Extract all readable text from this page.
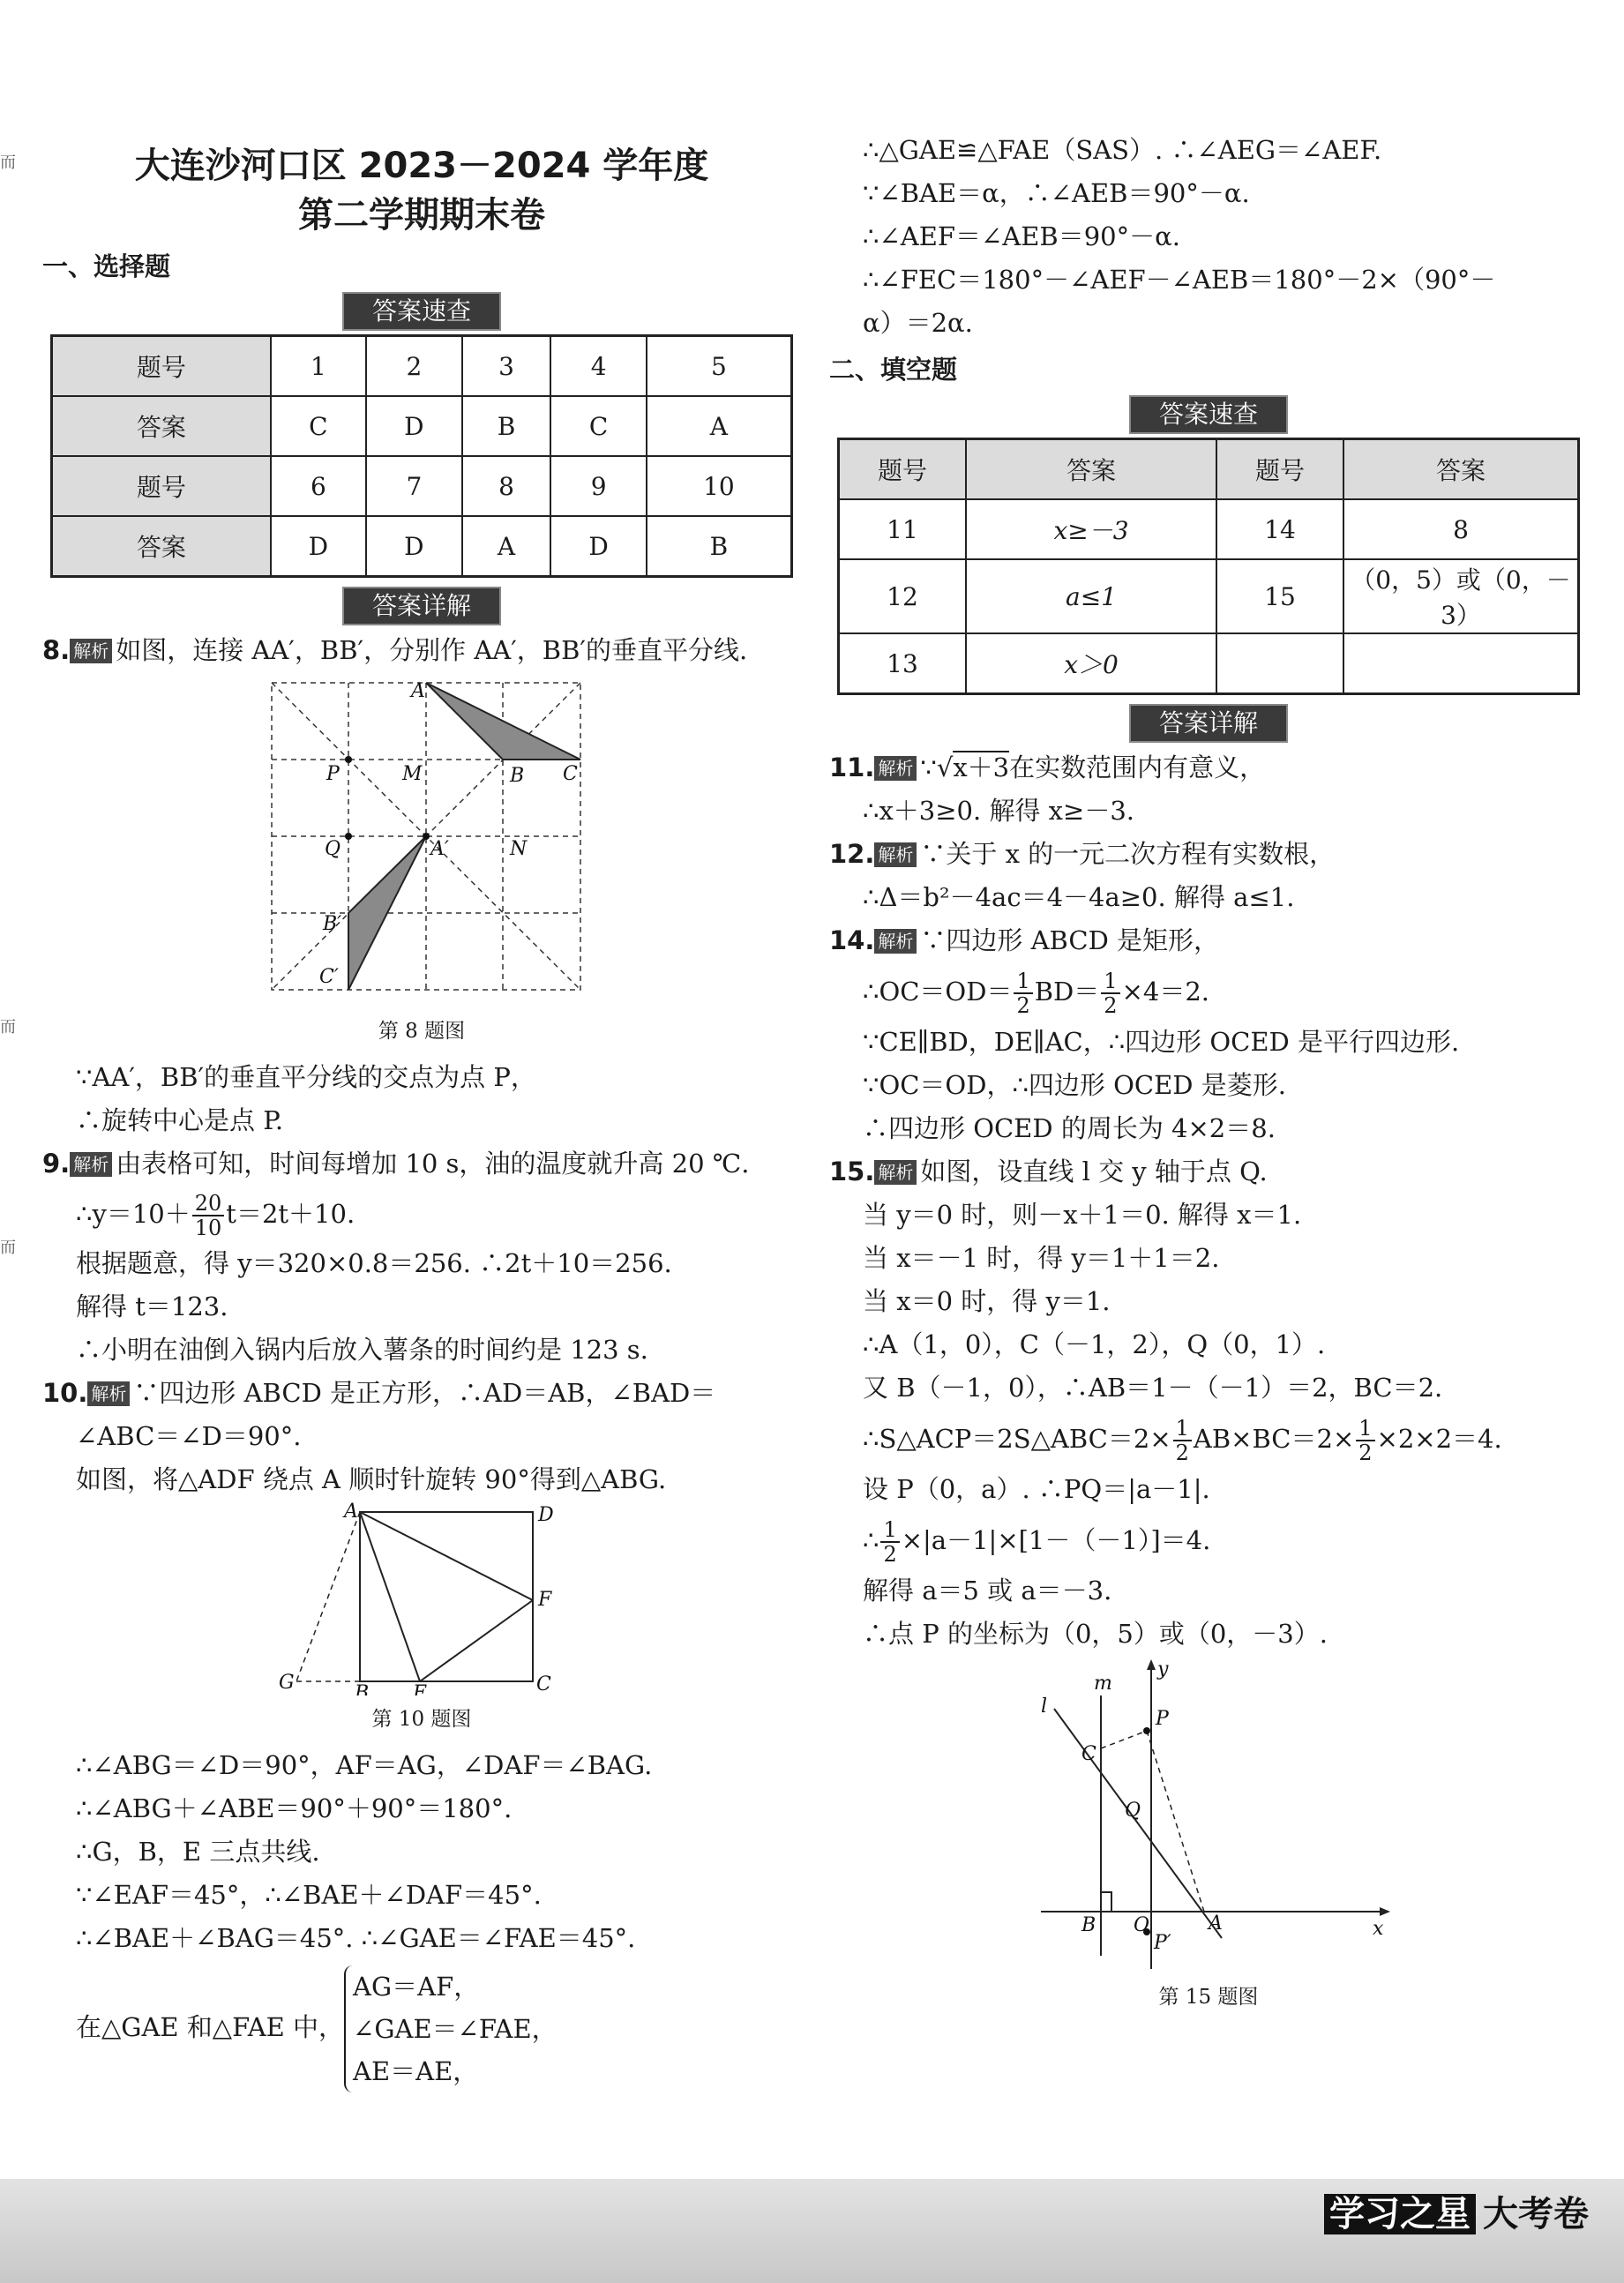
而
而
而
大连沙河口区 2023－2024 学年度
第二学期期末卷
一、选择题
答案速查
题号	1	2	3	4	5
答案	C	D	B	C	A
题号	6	7	8	9	10
答案	D	D	A	D	B
答案详解
8. 解析 如图，连接 AA′，BB′，分别作 AA′，BB′的垂直平分线.
A
P	M	B C
Q	A′	N
B′
C′
第 8 题图
∵AA′，BB′的垂直平分线的交点为点 P，
∴旋转中心是点 P.
9. 解析 由表格可知，时间每增加 10 s，油的温度就升高 20 ℃.
∴y＝10＋ $\frac{20}{10} t=2t+10$.
根据题意，得 y＝320×0.8＝256. ∴2t＋10＝256.
解得 t＝123.
∴小明在油倒入锅内后放入薯条的时间约是 123 s.
10. 解析 ∵四边形 ABCD 是正方形，∴AD＝AB，∠BAD＝
∠ABC＝∠D＝90°.
如图，将△ADF 绕点 A 顺时针旋转 90°得到△ABG.
A	D
F
G	B E	C
第 10 题图
∴∠ABG＝∠D＝90°，AF＝AG，∠DAF＝∠BAG.
∴∠ABG＋∠ABE＝90°＋90°＝180°.
∴G，B，E 三点共线.
∵∠EAF＝45°，∴∠BAE＋∠DAF＝45°.
∴∠BAE＋∠BAG＝45°. ∴∠GAE＝∠FAE＝45°.
在△GAE 和△FAE 中，
AG＝AF，
∠GAE＝∠FAE，
AE＝AE，
∴△GAE≌△FAE（SAS）. ∴∠AEG＝∠AEF.
∵∠BAE＝α，∴∠AEB＝90°－α.
∴∠AEF＝∠AEB＝90°－α.
∴∠FEC＝180°－∠AEF－∠AEB＝180°－2×（90°－
α）＝2α.
二、填空题
答案速查
题号	答案	题号	答案
11	x≥－3	14	8
12	a≤1	15	（0，5）或（0，－3）
13	x＞0		
答案详解
11. 解析 ∵√x＋3在实数范围内有意义，
∴x＋3≥0. 解得 x≥－3.
12. 解析 ∵关于 x 的一元二次方程有实数根，
∴Δ＝b²－4ac＝4－4a≥0. 解得 a≤1.
14. 解析 ∵四边形 ABCD 是矩形，
∴OC＝OD＝ $\frac{1}{2} BD= \frac{1}{2} \times 4=2$.
∵CE∥BD，DE∥AC，∴四边形 OCED 是平行四边形.
∵OC＝OD，∴四边形 OCED 是菱形.
∴四边形 OCED 的周长为 4×2＝8.
15. 解析 如图，设直线 l 交 y 轴于点 Q.
当 y＝0 时，则－x＋1＝0. 解得 x＝1.
当 x＝－1 时，得 y＝1＋1＝2.
当 x＝0 时，得 y＝1.
∴A（1，0），C（－1，2），Q（0，1）.
又 B（－1，0），∴AB＝1－（－1）＝2，BC＝2.
∴S△ACP＝2S△ABC＝2× $\frac{1}{2} AB\times BC=2\times \frac{1}{2} \times 2\times 2=4$.
设 P（0，a）. ∴PQ＝|a－1|.
∴ $\frac{1}{2} \times|a-1|\times[1-(-1)]=4$.
解得 a＝5 或 a＝－3.
∴点 P 的坐标为（0，5）或（0，－3）.
y
m
l
P
C
Q
B O	A	x
P′
第 15 题图
学习之星 大考卷
